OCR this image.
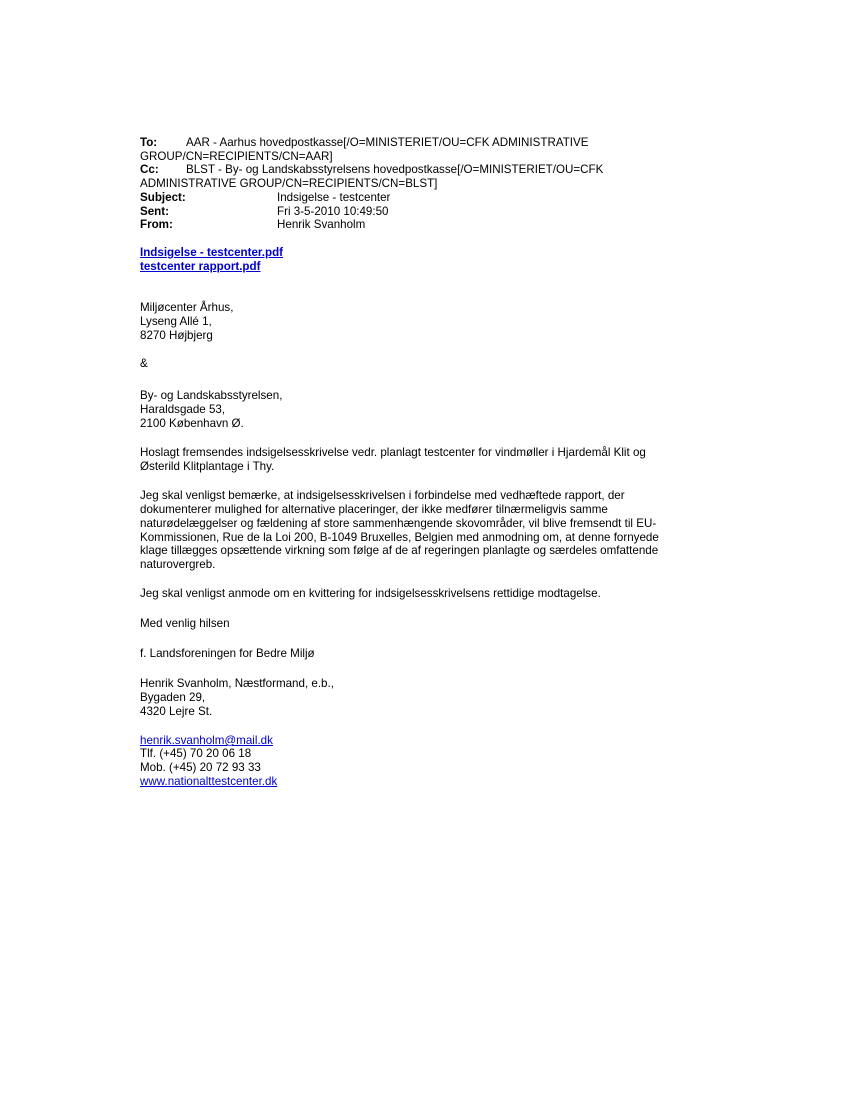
To: AAR - Aarhus hovedpostkasse[/O=MINISTERIET/OU=CFK ADMINISTRATIVE
GROUP/CN=RECIPIENTS/CN=AAR]
Cc: BLST - By- og Landskabsstyrelsens hovedpostkasse[/O=MINISTERIET/OU=CFK
ADMINISTRATIVE GROUP/CN=RECIPIENTS/CN=BLST]
Subject:	Indsigelse - testcenter
Sent:	Fri 3-5-2010 10:49:50
From:	Henrik Svanholm
Indsigelse - testcenter.pdf
testcenter rapport.pdf
Miljøcenter Århus,
Lyseng Allé 1,
8270 Højbjerg
&
By- og Landskabsstyrelsen,
Haraldsgade 53,
2100 København Ø.
Hoslagt fremsendes indsigelsesskrivelse vedr. planlagt testcenter for vindmøller i Hjardemål Klit og
Østerild Klitplantage i Thy.
Jeg skal venligst bemærke, at indsigelsesskrivelsen i forbindelse med vedhæftede rapport, der
dokumenterer mulighed for alternative placeringer, der ikke medfører tilnærmeligvis samme
naturødelæggelser og fældening af store sammenhængende skovområder, vil blive fremsendt til EU-
Kommissionen, Rue de la Loi 200, B-1049 Bruxelles, Belgien med anmodning om, at denne fornyede
klage tillægges opsættende virkning som følge af de af regeringen planlagte og særdeles omfattende
naturovergreb.
Jeg skal venligst anmode om en kvittering for indsigelsesskrivelsens rettidige modtagelse.
Med venlig hilsen
f. Landsforeningen for Bedre Miljø
Henrik Svanholm, Næstformand, e.b.,
Bygaden 29,
4320 Lejre St.
henrik.svanholm@mail.dk
Tlf. (+45) 70 20 06 18
Mob. (+45) 20 72 93 33
www.nationalttestcenter.dk
